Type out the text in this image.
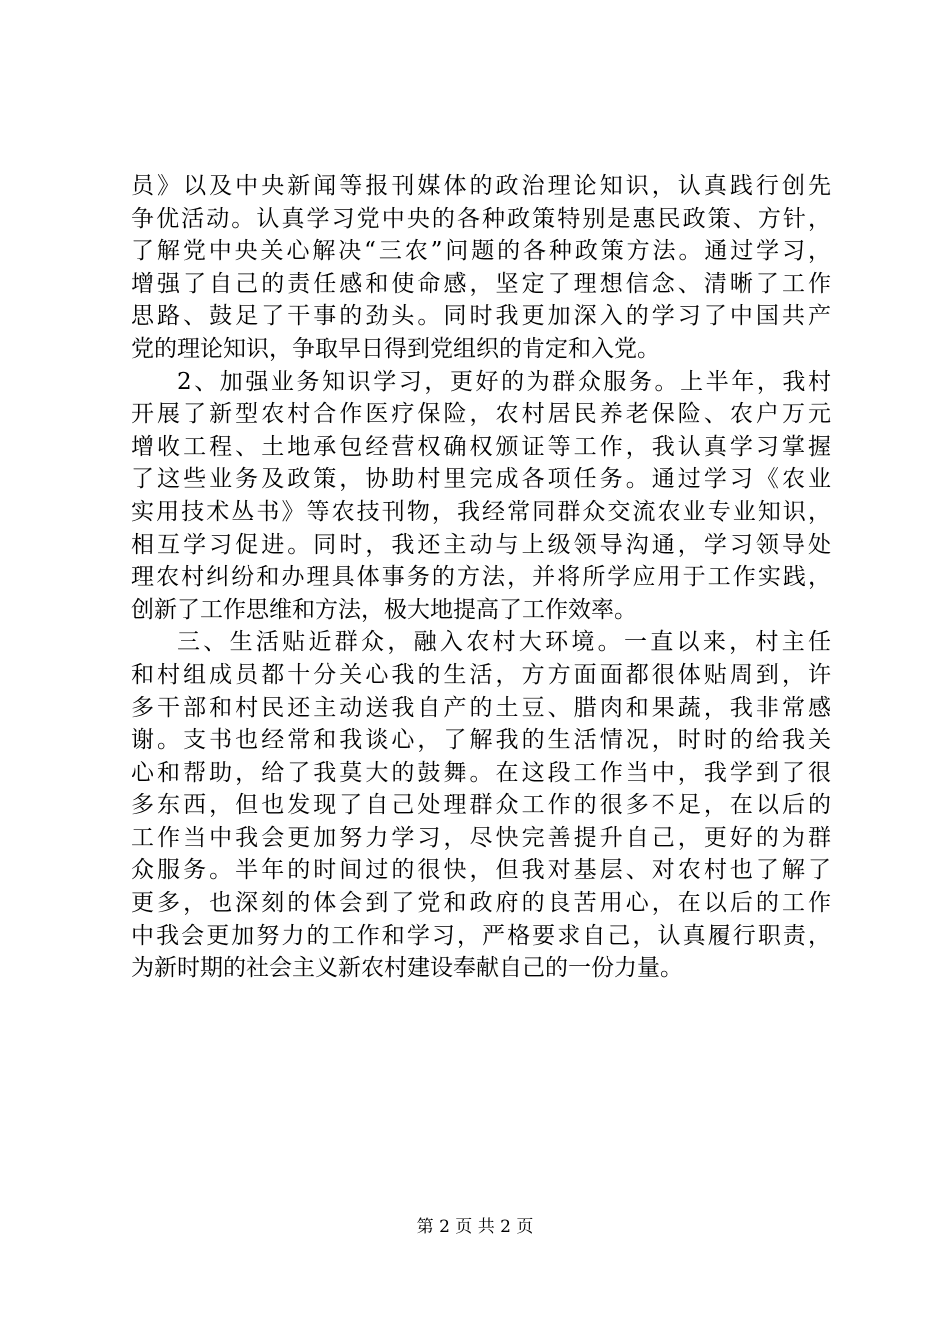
员》以及中央新闻等报刊媒体的政治理论知识，认真践行创先
争优活动。认真学习党中央的各种政策特别是惠民政策、方针，
了解党中央关心解决“三农”问题的各种政策方法。通过学习，
增强了自己的责任感和使命感，坚定了理想信念、清晰了工作
思路、鼓足了干事的劲头。同时我更加深入的学习了中国共产
党的理论知识，争取早日得到党组织的肯定和入党。
2、加强业务知识学习，更好的为群众服务。上半年，我村
开展了新型农村合作医疗保险，农村居民养老保险、农户万元
增收工程、土地承包经营权确权颁证等工作，我认真学习掌握
了这些业务及政策，协助村里完成各项任务。通过学习《农业
实用技术丛书》等农技刊物，我经常同群众交流农业专业知识，
相互学习促进。同时，我还主动与上级领导沟通，学习领导处
理农村纠纷和办理具体事务的方法，并将所学应用于工作实践，
创新了工作思维和方法，极大地提高了工作效率。
三、生活贴近群众，融入农村大环境。一直以来，村主任
和村组成员都十分关心我的生活，方方面面都很体贴周到，许
多干部和村民还主动送我自产的土豆、腊肉和果蔬，我非常感
谢。支书也经常和我谈心，了解我的生活情况，时时的给我关
心和帮助，给了我莫大的鼓舞。在这段工作当中，我学到了很
多东西，但也发现了自己处理群众工作的很多不足，在以后的
工作当中我会更加努力学习，尽快完善提升自己，更好的为群
众服务。半年的时间过的很快，但我对基层、对农村也了解了
更多，也深刻的体会到了党和政府的良苦用心，在以后的工作
中我会更加努力的工作和学习，严格要求自己，认真履行职责，
为新时期的社会主义新农村建设奉献自己的一份力量。
第 2 页 共 2 页
